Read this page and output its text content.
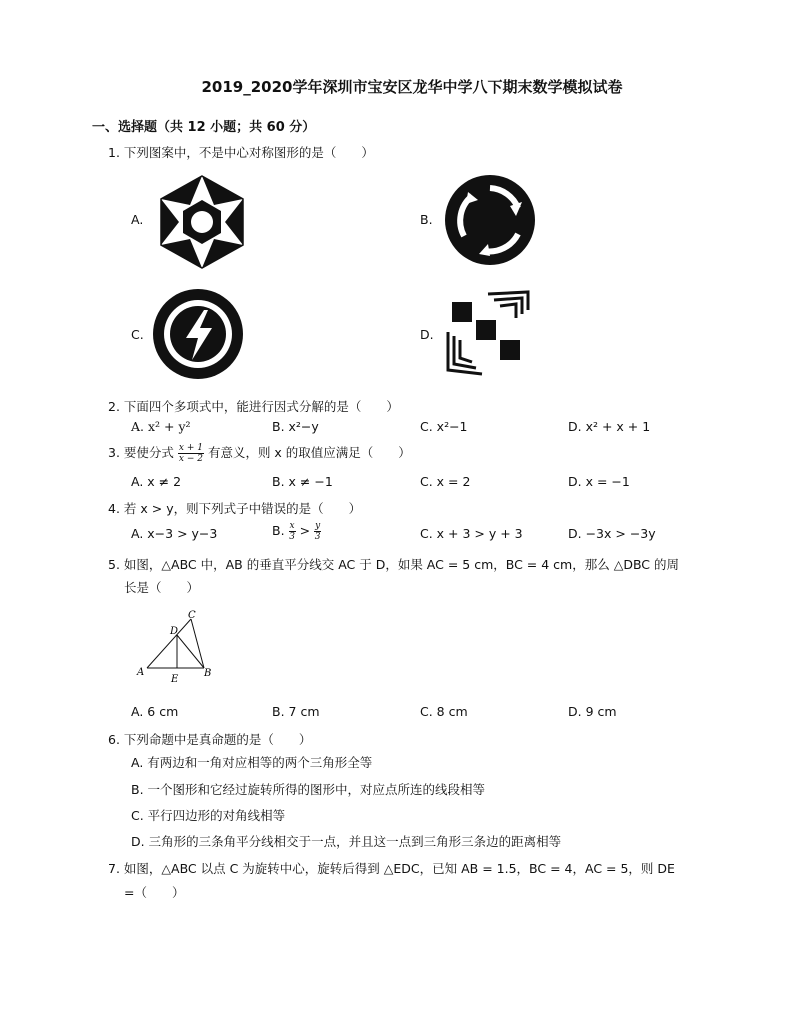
2019_2020学年深圳市宝安区龙华中学八下期末数学模拟试卷
一、选择题（共 12 小题；共 60 分）
1. 下列图案中，不是中心对称图形的是（　　）
A.	B.
C.	D.
2. 下面四个多项式中，能进行因式分解的是（　　）
A. x² + y²	B. x²−y	C. x²−1	D. x² + x + 1
3. 要使分式 $\frac{x + 1}{x - 2}$ 有意义，则 x 的取值应满足（　　）
A. x ≠ 2	B. x ≠ −1	C. x = 2	D. x = −1
4. 若 x > y，则下列式子中错误的是（　　）
A. x−3 > y−3	B. $\frac{x}{3} > \frac{y}{3}$	C. x + 3 > y + 3	D. −3x > −3y
5. 如图，△ABC 中，AB 的垂直平分线交 AC 于 D，如果 AC = 5 cm，BC = 4 cm，那么 △DBC 的周
长是（　　）
C
D
A
E
B
A. 6 cm	B. 7 cm	C. 8 cm	D. 9 cm
6. 下列命题中是真命题的是（　　）
A. 有两边和一角对应相等的两个三角形全等
B. 一个图形和它经过旋转所得的图形中，对应点所连的线段相等
C. 平行四边形的对角线相等
D. 三角形的三条角平分线相交于一点，并且这一点到三角形三条边的距离相等
7. 如图，△ABC 以点 C 为旋转中心，旋转后得到 △EDC，已知 AB = 1.5，BC = 4，AC = 5，则 DE
=（　　）
